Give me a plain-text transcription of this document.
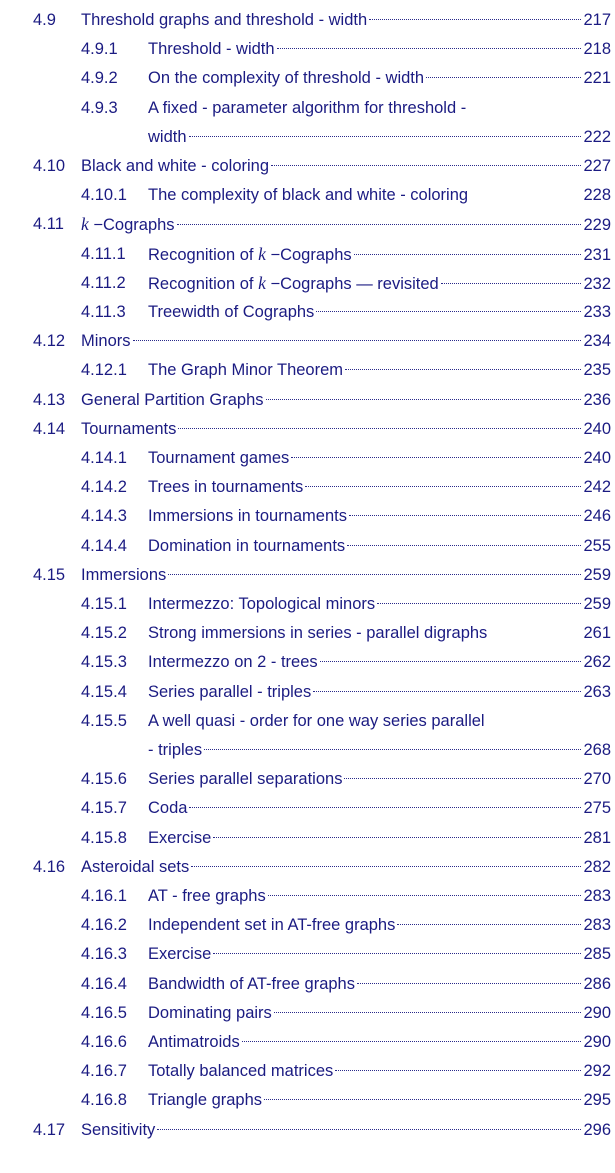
4.9 Threshold graphs and threshold - width	217
4.9.1 Threshold - width	218
4.9.2 On the complexity of threshold - width	221
4.9.3 A fixed - parameter algorithm for threshold -
width	222
4.10 Black and white - coloring	227
4.10.1 The complexity of black and white - coloring	228
4.11 k −Cographs	229
4.11.1 Recognition of k −Cographs	231
4.11.2 Recognition of k −Cographs — revisited	232
4.11.3 Treewidth of Cographs	233
4.12 Minors	234
4.12.1 The Graph Minor Theorem	235
4.13 General Partition Graphs	236
4.14 Tournaments	240
4.14.1 Tournament games	240
4.14.2 Trees in tournaments	242
4.14.3 Immersions in tournaments	246
4.14.4 Domination in tournaments	255
4.15 Immersions	259
4.15.1 Intermezzo: Topological minors	259
4.15.2 Strong immersions in series - parallel digraphs	261
4.15.3 Intermezzo on 2 - trees	262
4.15.4 Series parallel - triples	263
4.15.5 A well quasi - order for one way series parallel
- triples	268
4.15.6 Series parallel separations	270
4.15.7 Coda	275
4.15.8 Exercise	281
4.16 Asteroidal sets	282
4.16.1 AT - free graphs	283
4.16.2 Independent set in AT-free graphs	283
4.16.3 Exercise	285
4.16.4 Bandwidth of AT-free graphs	286
4.16.5 Dominating pairs	290
4.16.6 Antimatroids	290
4.16.7 Totally balanced matrices	292
4.16.8 Triangle graphs	295
4.17 Sensitivity	296
